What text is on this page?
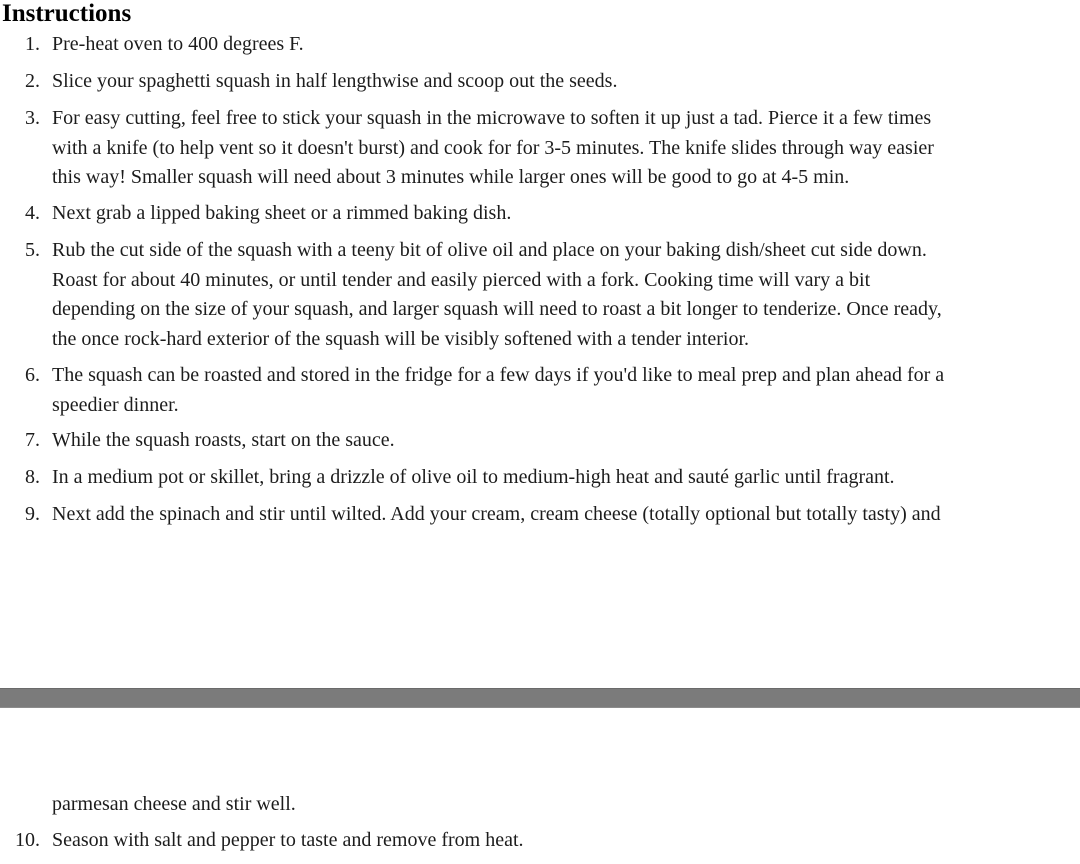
Instructions
1. Pre-heat oven to 400 degrees F.
2. Slice your spaghetti squash in half lengthwise and scoop out the seeds.
3. For easy cutting, feel free to stick your squash in the microwave to soften it up just a tad. Pierce it a few times
with a knife (to help vent so it doesn't burst) and cook for for 3-5 minutes. The knife slides through way easier
this way! Smaller squash will need about 3 minutes while larger ones will be good to go at 4-5 min.
4. Next grab a lipped baking sheet or a rimmed baking dish.
5. Rub the cut side of the squash with a teeny bit of olive oil and place on your baking dish/sheet cut side down.
Roast for about 40 minutes, or until tender and easily pierced with a fork. Cooking time will vary a bit
depending on the size of your squash, and larger squash will need to roast a bit longer to tenderize. Once ready,
the once rock-hard exterior of the squash will be visibly softened with a tender interior.
6. The squash can be roasted and stored in the fridge for a few days if you'd like to meal prep and plan ahead for a
speedier dinner.
7. While the squash roasts, start on the sauce.
8. In a medium pot or skillet, bring a drizzle of olive oil to medium-high heat and sauté garlic until fragrant.
9. Next add the spinach and stir until wilted. Add your cream, cream cheese (totally optional but totally tasty) and
parmesan cheese and stir well.
10. Season with salt and pepper to taste and remove from heat.
